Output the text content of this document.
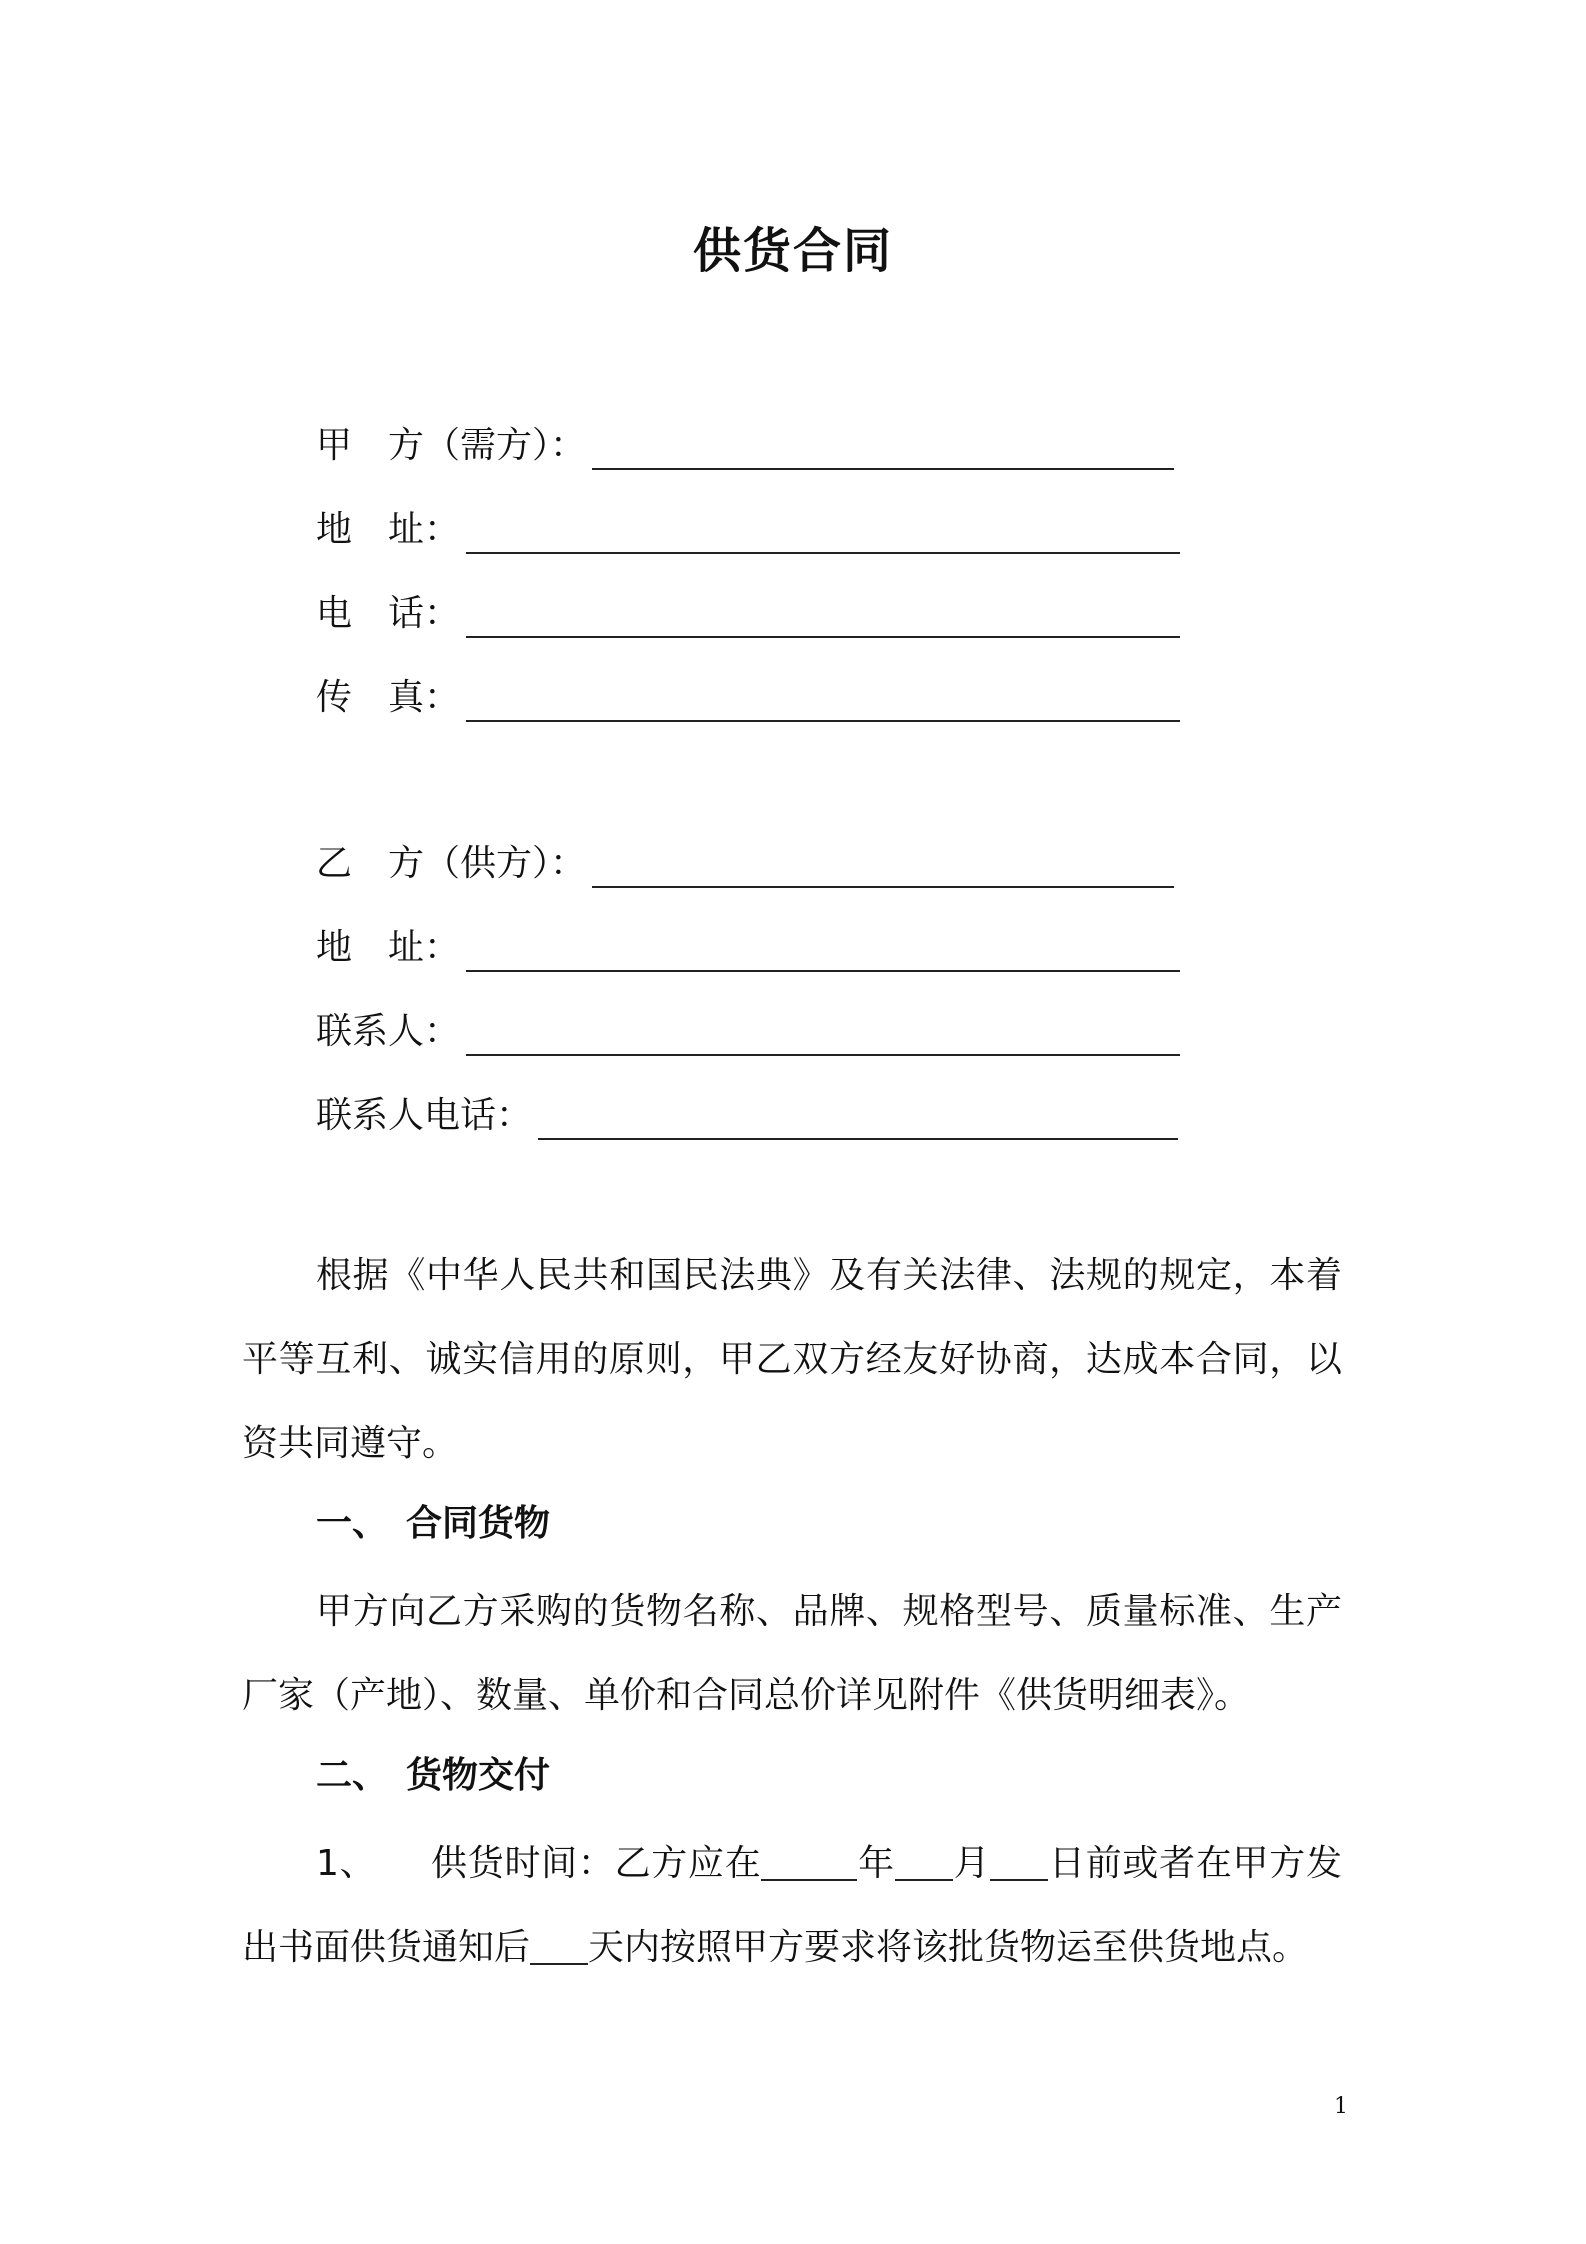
供货合同
甲　方（需方）：
地　址：
电　话：
传　真：
乙　方（供方）：
地　址：
联系人：
联系人电话：

根据《中华人民共和国民法典》及有关法律、法规的规定，本着平等互利、诚实信用的原则，甲乙双方经友好协商，达成本合同，以资共同遵守。

一、　合同货物

甲方向乙方采购的货物名称、品牌、规格型号、质量标准、生产厂家（产地）、数量、单价和合同总价详见附件《供货明细表》。

二、　货物交付

1、 供货时间：乙方应在	年 月 日前或者在甲方发出书面供货通知后 天内按照甲方要求将该批货物运至供货地点。

1
